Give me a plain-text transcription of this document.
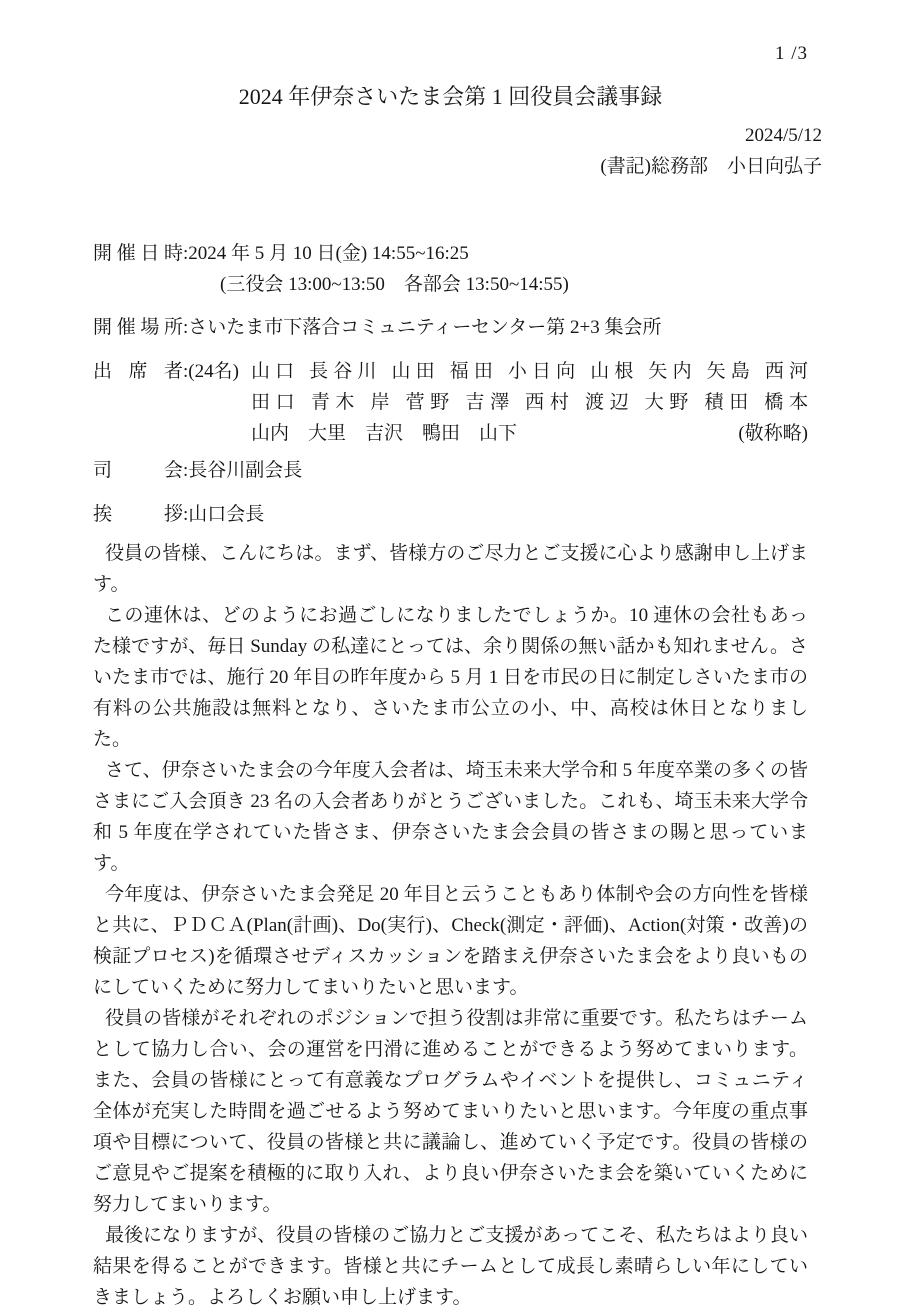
1 /3
2024 年伊奈さいたま会第 1 回役員会議事録
2024/5/12
(書記)総務部　小日向弘子
開催日時:2024 年 5 月 10 日(金) 14:55~16:25
(三役会 13:00~13:50　各部会 13:50~14:55)
開催場所:さいたま市下落合コミュニティーセンター第 2+3 集会所
出席者:(24名) 山口 長谷川 山田 福田 小日向 山根 矢内 矢島 西河
田口 青木 岸 菅野 吉澤 西村 渡辺 大野 積田 橋本
山内　大里　吉沢　鴨田　山下	(敬称略)
司会:長谷川副会長
挨拶:山口会長

役員の皆様、こんにちは。まず、皆様方のご尽力とご支援に心より感謝申し上げます。

この連休は、どのようにお過ごしになりましたでしょうか。10 連休の会社もあった様ですが、毎日 Sunday の私達にとっては、余り関係の無い話かも知れません。さいたま市では、施行 20 年目の昨年度から 5 月 1 日を市民の日に制定しさいたま市の有料の公共施設は無料となり、さいたま市公立の小、中、高校は休日となりました。

さて、伊奈さいたま会の今年度入会者は、埼玉未来大学令和 5 年度卒業の多くの皆さまにご入会頂き 23 名の入会者ありがとうございました。これも、埼玉未来大学令和 5 年度在学されていた皆さま、伊奈さいたま会会員の皆さまの賜と思っています。

今年度は、伊奈さいたま会発足 20 年目と云うこともあり体制や会の方向性を皆様と共に、ＰＤＣＡ(Plan(計画)、Do(実行)、Check(測定・評価)、Action(対策・改善)の検証プロセス)を循環させディスカッションを踏まえ伊奈さいたま会をより良いものにしていくために努力してまいりたいと思います。

役員の皆様がそれぞれのポジションで担う役割は非常に重要です。私たちはチームとして協力し合い、会の運営を円滑に進めることができるよう努めてまいります。また、会員の皆様にとって有意義なプログラムやイベントを提供し、コミュニティ全体が充実した時間を過ごせるよう努めてまいりたいと思います。今年度の重点事項や目標について、役員の皆様と共に議論し、進めていく予定です。役員の皆様のご意見やご提案を積極的に取り入れ、より良い伊奈さいたま会を築いていくために努力してまいります。

最後になりますが、役員の皆様のご協力とご支援があってこそ、私たちはより良い結果を得ることができます。皆様と共にチームとして成長し素晴らしい年にしていきましょう。よろしくお願い申し上げます。
